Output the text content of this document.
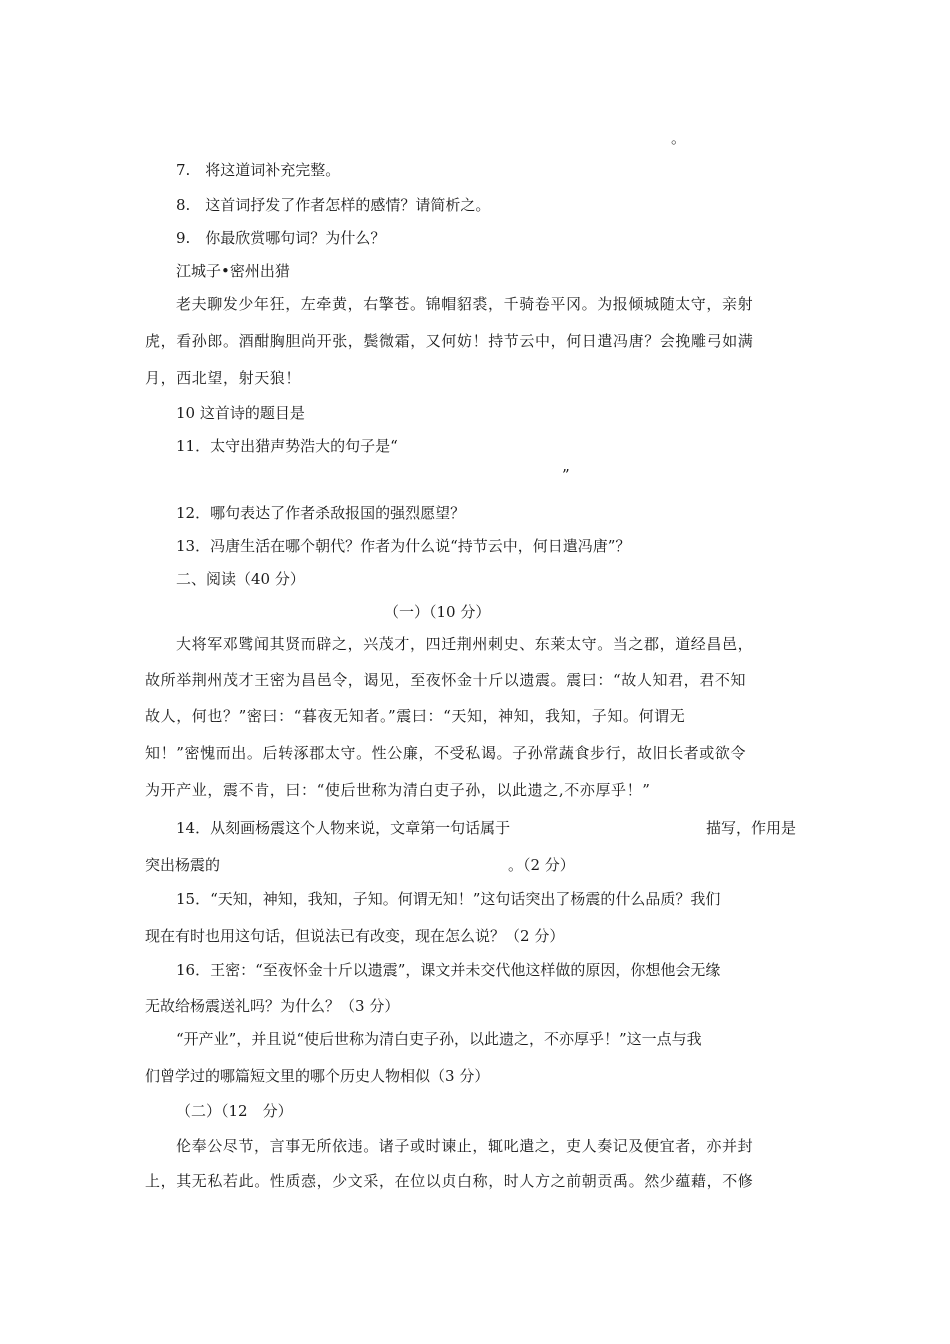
。
7.　将这道词补充完整。
8.　这首词抒发了作者怎样的感情？请简析之。
9.　你最欣赏哪句词？为什么？
江城子•密州出猎
老夫聊发少年狂，左牵黄，右擎苍。锦帽貂裘，千骑卷平冈。为报倾城随太守，亲射
虎，看孙郎。酒酣胸胆尚开张，鬓微霜，又何妨！持节云中，何日遣冯唐？会挽雕弓如满
月，西北望，射天狼！
10 这首诗的题目是
11．太守出猎声势浩大的句子是“
”
12．哪句表达了作者杀敌报国的强烈愿望？
13．冯唐生活在哪个朝代？作者为什么说“持节云中，何日遣冯唐”？
二、阅读（40 分）
（一）（10 分）
大将军邓骘闻其贤而辟之，兴茂才，四迁荆州刺史、东莱太守。当之郡，道经昌邑，
故所举荆州茂才王密为昌邑令，谒见，至夜怀金十斤以遗震。震曰：“故人知君，君不知
故人，何也？”密曰：“暮夜无知者。”震曰：“天知，神知，我知，子知。何谓无
知！”密愧而出。后转涿郡太守。性公廉，不受私谒。子孙常蔬食步行，故旧长者或欲令
为开产业，震不肯，曰：“使后世称为清白吏子孙，以此遗之,不亦厚乎！”
14．从刻画杨震这个人物来说，文章第一句话属于	描写，作用是
突出杨震的	。（2 分）
15．“天知，神知，我知，子知。何谓无知！”这句话突出了杨震的什么品质？我们
现在有时也用这句话，但说法已有改变，现在怎么说？（2 分）
16．王密：“至夜怀金十斤以遗震”，课文并未交代他这样做的原因，你想他会无缘
无故给杨震送礼吗？为什么？（3 分）
“开产业”，并且说“使后世称为清白吏子孙，以此遗之，不亦厚乎！”这一点与我
们曾学过的哪篇短文里的哪个历史人物相似（3 分）
（二）（12　分）
伦奉公尽节，言事无所依违。诸子或时谏止，辄叱遣之，吏人奏记及便宜者，亦并封
上，其无私若此。性质悫，少文采，在位以贞白称，时人方之前朝贡禹。然少蕴藉，不修
